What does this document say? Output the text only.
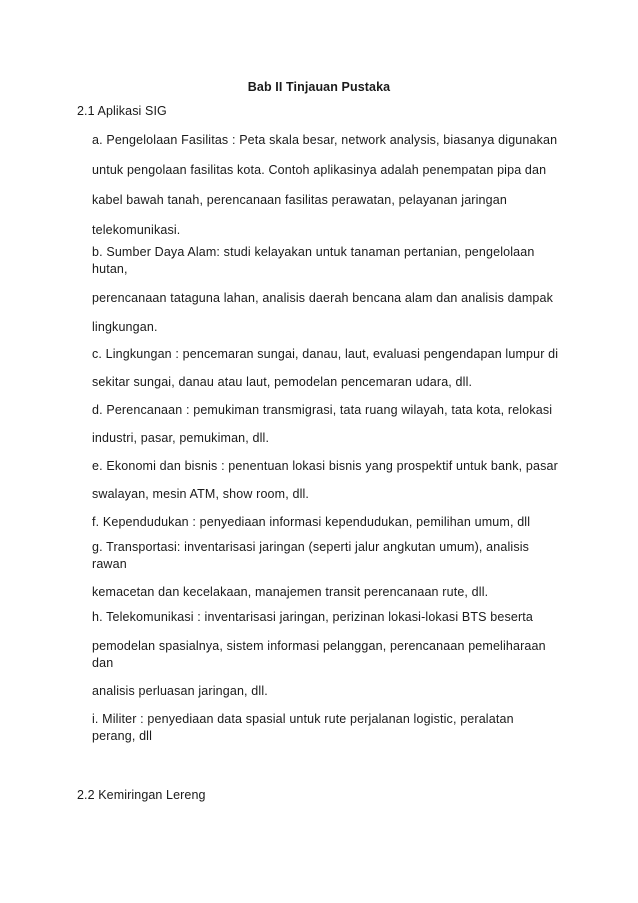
Bab II Tinjauan Pustaka
2.1 Aplikasi SIG
a. Pengelolaan Fasilitas : Peta skala besar, network analysis, biasanya digunakan
untuk pengolaan fasilitas kota. Contoh aplikasinya adalah penempatan pipa dan
kabel bawah tanah, perencanaan fasilitas perawatan, pelayanan jaringan
telekomunikasi.
b. Sumber Daya Alam: studi kelayakan untuk tanaman pertanian, pengelolaan
hutan,
perencanaan tataguna lahan, analisis daerah bencana alam dan analisis dampak
lingkungan.
c. Lingkungan : pencemaran sungai, danau, laut, evaluasi pengendapan lumpur di
sekitar sungai, danau atau laut, pemodelan pencemaran udara, dll.
d. Perencanaan : pemukiman transmigrasi, tata ruang wilayah, tata kota, relokasi
industri, pasar, pemukiman, dll.
e. Ekonomi dan bisnis : penentuan lokasi bisnis yang prospektif untuk bank, pasar
swalayan, mesin ATM, show room, dll.
f. Kependudukan : penyediaan informasi kependudukan, pemilihan umum, dll
g. Transportasi: inventarisasi jaringan (seperti jalur angkutan umum), analisis
rawan
kemacetan dan kecelakaan, manajemen transit perencanaan rute, dll.
h. Telekomunikasi : inventarisasi jaringan, perizinan lokasi-lokasi BTS beserta
pemodelan spasialnya, sistem informasi pelanggan, perencanaan pemeliharaan
dan
analisis perluasan jaringan, dll.
i. Militer : penyediaan data spasial untuk rute perjalanan logistic, peralatan
perang, dll
2.2 Kemiringan Lereng
